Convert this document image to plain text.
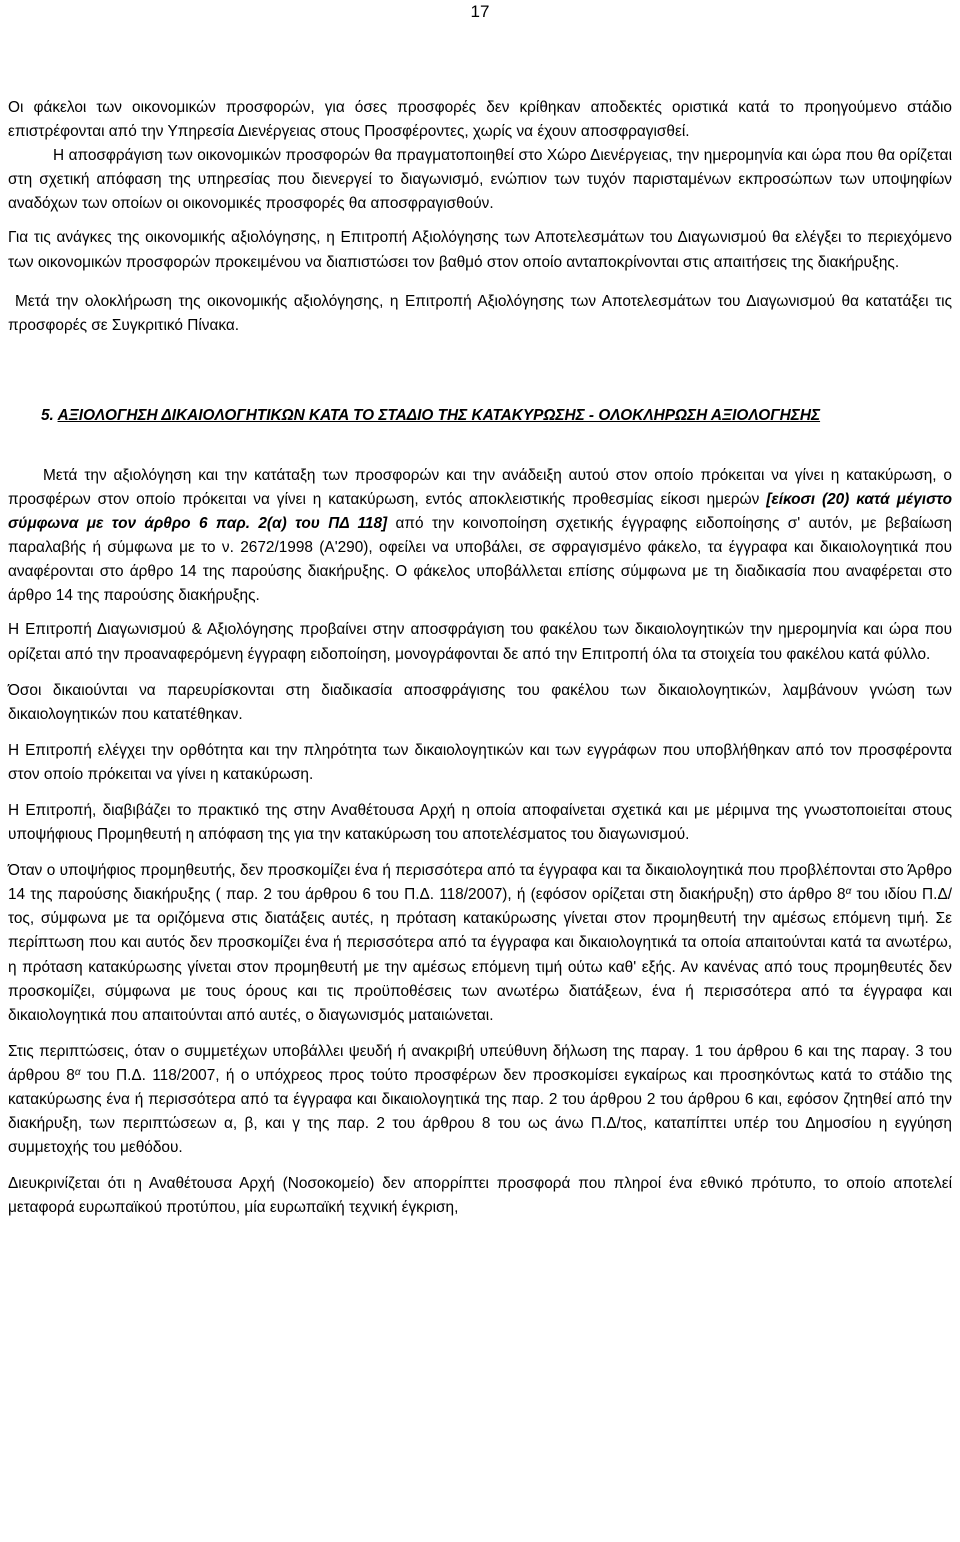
17

Οι φάκελοι των οικονομικών προσφορών, για όσες προσφορές δεν κρίθηκαν αποδεκτές οριστικά κατά το προηγούμενο στάδιο επιστρέφονται από την Υπηρεσία Διενέργειας στους Προσφέροντες, χωρίς να έχουν αποσφραγισθεί.

Η αποσφράγιση των οικονομικών προσφορών θα πραγματοποιηθεί στο Χώρο Διενέργειας, την ημερομηνία και ώρα που θα ορίζεται στη σχετική απόφαση της υπηρεσίας που διενεργεί το διαγωνισμό, ενώπιον των τυχόν παρισταμένων εκπροσώπων των υποψηφίων αναδόχων των οποίων οι οικονομικές προσφορές θα αποσφραγισθούν.

Για τις ανάγκες της οικονομικής αξιολόγησης, η Επιτροπή Αξιολόγησης των Αποτελεσμάτων του Διαγωνισμού θα ελέγξει το περιεχόμενο των οικονομικών προσφορών προκειμένου να διαπιστώσει τον βαθμό στον οποίο ανταποκρίνονται στις απαιτήσεις της διακήρυξης.

Μετά την ολοκλήρωση της οικονομικής αξιολόγησης, η Επιτροπή Αξιολόγησης των Αποτελεσμάτων του Διαγωνισμού θα κατατάξει τις προσφορές σε Συγκριτικό Πίνακα.

5. ΑΞΙΟΛΟΓΗΣΗ ΔΙΚΑΙΟΛΟΓΗΤΙΚΩΝ ΚΑΤΑ ΤΟ ΣΤΑΔΙΟ ΤΗΣ ΚΑΤΑΚΥΡΩΣΗΣ - ΟΛΟΚΛΗΡΩΣΗ ΑΞΙΟΛΟΓΗΣΗΣ

Μετά την αξιολόγηση και την κατάταξη των προσφορών και την ανάδειξη αυτού στον οποίο πρόκειται να γίνει η κατακύρωση, ο προσφέρων στον οποίο πρόκειται να γίνει η κατακύρωση, εντός αποκλειστικής προθεσμίας είκοσι ημερών [είκοσι (20) κατά μέγιστο σύμφωνα με τον άρθρο 6 παρ. 2(α) του ΠΔ 118] από την κοινοποίηση σχετικής έγγραφης ειδοποίησης σ' αυτόν, με βεβαίωση παραλαβής ή σύμφωνα με το ν. 2672/1998 (Α'290), οφείλει να υποβάλει, σε σφραγισμένο φάκελο, τα έγγραφα και δικαιολογητικά που αναφέρονται στο άρθρο 14 της παρούσης διακήρυξης. Ο φάκελος υποβάλλεται επίσης σύμφωνα με τη διαδικασία που αναφέρεται στο άρθρο 14 της παρούσης διακήρυξης.

Η Επιτροπή Διαγωνισμού & Αξιολόγησης προβαίνει στην αποσφράγιση του φακέλου των δικαιολογητικών την ημερομηνία και ώρα που ορίζεται από την προαναφερόμενη έγγραφη ειδοποίηση, μονογράφονται δε από την Επιτροπή όλα τα στοιχεία του φακέλου κατά φύλλο.

Όσοι δικαιούνται να παρευρίσκονται στη διαδικασία αποσφράγισης του φακέλου των δικαιολογητικών, λαμβάνουν γνώση των δικαιολογητικών που κατατέθηκαν.

Η Επιτροπή ελέγχει την ορθότητα και την πληρότητα των δικαιολογητικών και των εγγράφων που υποβλήθηκαν από τον προσφέροντα στον οποίο πρόκειται να γίνει η κατακύρωση.

Η Επιτροπή, διαβιβάζει το πρακτικό της στην Αναθέτουσα Αρχή η οποία αποφαίνεται σχετικά και με μέριμνα της γνωστοποιείται στους υποψήφιους Προμηθευτή η απόφαση της για την κατακύρωση του αποτελέσματος του διαγωνισμού.

Όταν ο υποψήφιος προμηθευτής, δεν προσκομίζει ένα ή περισσότερα από τα έγγραφα και τα δικαιολογητικά που προβλέπονται στο Άρθρο 14 της παρούσης διακήρυξης ( παρ. 2 του άρθρου 6 του Π.Δ. 118/2007), ή (εφόσον ορίζεται στη διακήρυξη) στο άρθρο $8^\alpha$ του ιδίου Π.Δ/τος, σύμφωνα με τα οριζόμενα στις διατάξεις αυτές, η πρόταση κατακύρωσης γίνεται στον προμηθευτή την αμέσως επόμενη τιμή. Σε περίπτωση που και αυτός δεν προσκομίζει ένα ή περισσότερα από τα έγγραφα και δικαιολογητικά τα οποία απαιτούνται κατά τα ανωτέρω, η πρόταση κατακύρωσης γίνεται στον προμηθευτή με την αμέσως επόμενη τιμή ούτω καθ' εξής. Αν κανένας από τους προμηθευτές δεν προσκομίζει, σύμφωνα με τους όρους και τις προϋποθέσεις των ανωτέρω διατάξεων, ένα ή περισσότερα από τα έγγραφα και δικαιολογητικά που απαιτούνται από αυτές, ο διαγωνισμός ματαιώνεται.

Στις περιπτώσεις, όταν ο συμμετέχων υποβάλλει ψευδή ή ανακριβή υπεύθυνη δήλωση της παραγ. 1 του άρθρου 6 και της παραγ. 3 του άρθρου $8^\alpha$ του Π.Δ. 118/2007, ή ο υπόχρεος προς τούτο προσφέρων δεν προσκομίσει εγκαίρως και προσηκόντως κατά το στάδιο της κατακύρωσης ένα ή περισσότερα από τα έγγραφα και δικαιολογητικά της παρ. 2 του άρθρου 2 του άρθρου 6 και, εφόσον ζητηθεί από την διακήρυξη, των περιπτώσεων α, β, και γ της παρ. 2 του άρθρου 8 του ως άνω Π.Δ/τος, καταπίπτει υπέρ του Δημοσίου η εγγύηση συμμετοχής του μεθόδου.

Διευκρινίζεται ότι η Αναθέτουσα Αρχή (Νοσοκομείο) δεν απορρίπτει προσφορά που πληροί ένα εθνικό πρότυπο, το οποίο αποτελεί μεταφορά ευρωπαϊκού προτύπου, μία ευρωπαϊκή τεχνική έγκριση,
